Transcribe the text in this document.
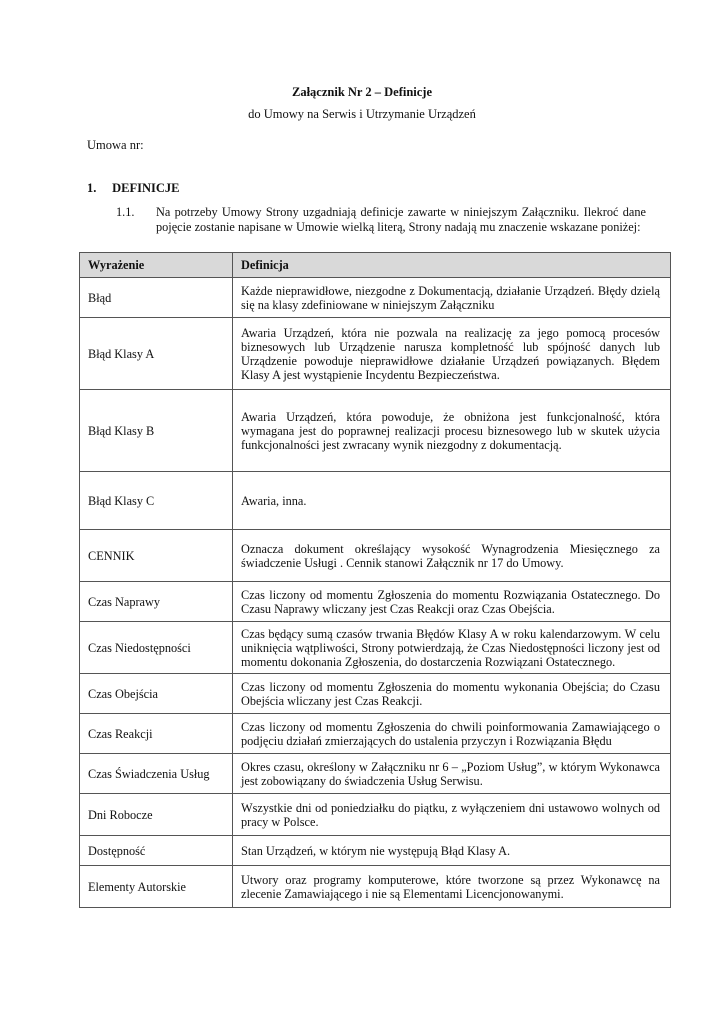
Załącznik Nr 2 – Definicje
do Umowy na Serwis i Utrzymanie Urządzeń
Umowa nr:
1. DEFINICJE
1.1. Na potrzeby Umowy Strony uzgadniają definicje zawarte w niniejszym Załączniku. Ilekroć dane pojęcie zostanie napisane w Umowie wielką literą, Strony nadają mu znaczenie wskazane poniżej:
Wyrażenie	Definicja
Błąd	Każde nieprawidłowe, niezgodne z Dokumentacją, działanie Urządzeń. Błędy dzielą się na klasy zdefiniowane w niniejszym Załączniku
Błąd Klasy A	Awaria Urządzeń, która nie pozwala na realizację za jego pomocą procesów biznesowych lub Urządzenie narusza kompletność lub spójność danych lub Urządzenie powoduje nieprawidłowe działanie Urządzeń powiązanych. Błędem Klasy A jest wystąpienie Incydentu Bezpieczeństwa.
Błąd Klasy B	Awaria Urządzeń, która powoduje, że obniżona jest funkcjonalność, która wymagana jest do poprawnej realizacji procesu biznesowego lub w skutek użycia funkcjonalności jest zwracany wynik niezgodny z dokumentacją.
Błąd Klasy C	Awaria, inna.
CENNIK	Oznacza dokument określający wysokość Wynagrodzenia Miesięcznego za świadczenie Usługi . Cennik stanowi Załącznik nr 17 do Umowy.
Czas Naprawy	Czas liczony od momentu Zgłoszenia do momentu Rozwiązania Ostatecznego. Do Czasu Naprawy wliczany jest Czas Reakcji oraz Czas Obejścia.
Czas Niedostępności	Czas będący sumą czasów trwania Błędów Klasy A w roku kalendarzowym. W celu uniknięcia wątpliwości, Strony potwierdzają, że Czas Niedostępności liczony jest od momentu dokonania Zgłoszenia, do dostarczenia Rozwiązani Ostatecznego.
Czas Obejścia	Czas liczony od momentu Zgłoszenia do momentu wykonania Obejścia; do Czasu Obejścia wliczany jest Czas Reakcji.
Czas Reakcji	Czas liczony od momentu Zgłoszenia do chwili poinformowania Zamawiającego o podjęciu działań zmierzających do ustalenia przyczyn i Rozwiązania Błędu
Czas Świadczenia Usług	Okres czasu, określony w Załączniku nr 6 – „Poziom Usług”, w którym Wykonawca jest zobowiązany do świadczenia Usług Serwisu.
Dni Robocze	Wszystkie dni od poniedziałku do piątku, z wyłączeniem dni ustawowo wolnych od pracy w Polsce.
Dostępność	Stan Urządzeń, w którym nie występują Błąd Klasy A.
Elementy Autorskie	Utwory oraz programy komputerowe, które tworzone są przez Wykonawcę na zlecenie Zamawiającego i nie są Elementami Licencjonowanymi.
